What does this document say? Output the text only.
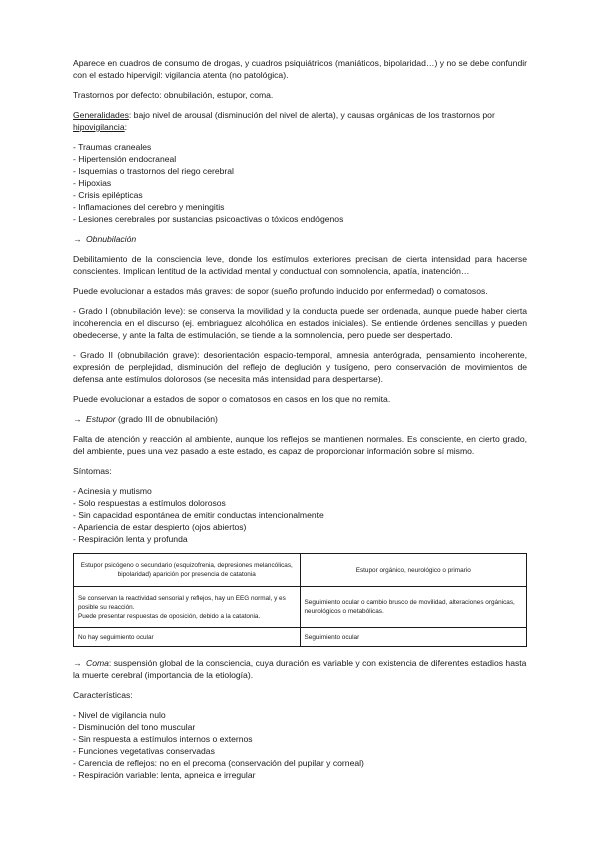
Aparece en cuadros de consumo de drogas, y cuadros psiquiátricos (maniáticos, bipolaridad…) y no se debe confundir con el estado hipervigil: vigilancia atenta (no patológica).

Trastornos por defecto: obnubilación, estupor, coma.

Generalidades: bajo nivel de arousal (disminución del nivel de alerta), y causas orgánicas de los trastornos por hipovigilancia:

- Traumas craneales
- Hipertensión endocraneal
- Isquemias o trastornos del riego cerebral
- Hipoxias
- Crisis epilépticas
- Inflamaciones del cerebro y meningitis
- Lesiones cerebrales por sustancias psicoactivas o tóxicos endógenos

→ Obnubilación

Debilitamiento de la consciencia leve, donde los estímulos exteriores precisan de cierta intensidad para hacerse conscientes. Implican lentitud de la actividad mental y conductual con somnolencia, apatía, inatención…

Puede evolucionar a estados más graves: de sopor (sueño profundo inducido por enfermedad) o comatosos.

- Grado I (obnubilación leve): se conserva la movilidad y la conducta puede ser ordenada, aunque puede haber cierta incoherencia en el discurso (ej. embriaguez alcohólica en estados iniciales). Se entiende órdenes sencillas y pueden obedecerse, y ante la falta de estimulación, se tiende a la somnolencia, pero puede ser despertado.

- Grado II (obnubilación grave): desorientación espacio-temporal, amnesia anterógrada, pensamiento incoherente, expresión de perplejidad, disminución del reflejo de deglución y tusígeno, pero conservación de movimientos de defensa ante estímulos dolorosos (se necesita más intensidad para despertarse).

Puede evolucionar a estados de sopor o comatosos en casos en los que no remita.

→ Estupor (grado III de obnubilación)

Falta de atención y reacción al ambiente, aunque los reflejos se mantienen normales. Es consciente, en cierto grado, del ambiente, pues una vez pasado a este estado, es capaz de proporcionar información sobre sí mismo.

Síntomas:

- Acinesia y mutismo
- Solo respuestas a estímulos dolorosos
- Sin capacidad espontánea de emitir conductas intencionalmente
- Apariencia de estar despierto (ojos abiertos)
- Respiración lenta y profunda
Estupor psicógeno o secundario (esquizofrenia, depresiones melancólicas, bipolaridad) aparición por presencia de catatonia	Estupor orgánico, neurológico o primario

Se conservan la reactividad sensorial y reflejos, hay un EEG normal, y es posible su reacción.
Puede presentar respuestas de oposición, debido a la catatonia.	Seguimiento ocular o cambio brusco de movilidad, alteraciones orgánicas, neurológicos o metabólicas.
No hay seguimiento ocular	Seguimiento ocular

→ Coma: suspensión global de la consciencia, cuya duración es variable y con existencia de diferentes estadios hasta la muerte cerebral (importancia de la etiología).

Características:

- Nivel de vigilancia nulo
- Disminución del tono muscular
- Sin respuesta a estímulos internos o externos
- Funciones vegetativas conservadas
- Carencia de reflejos: no en el precoma (conservación del pupilar y corneal)
- Respiración variable: lenta, apneica e irregular
